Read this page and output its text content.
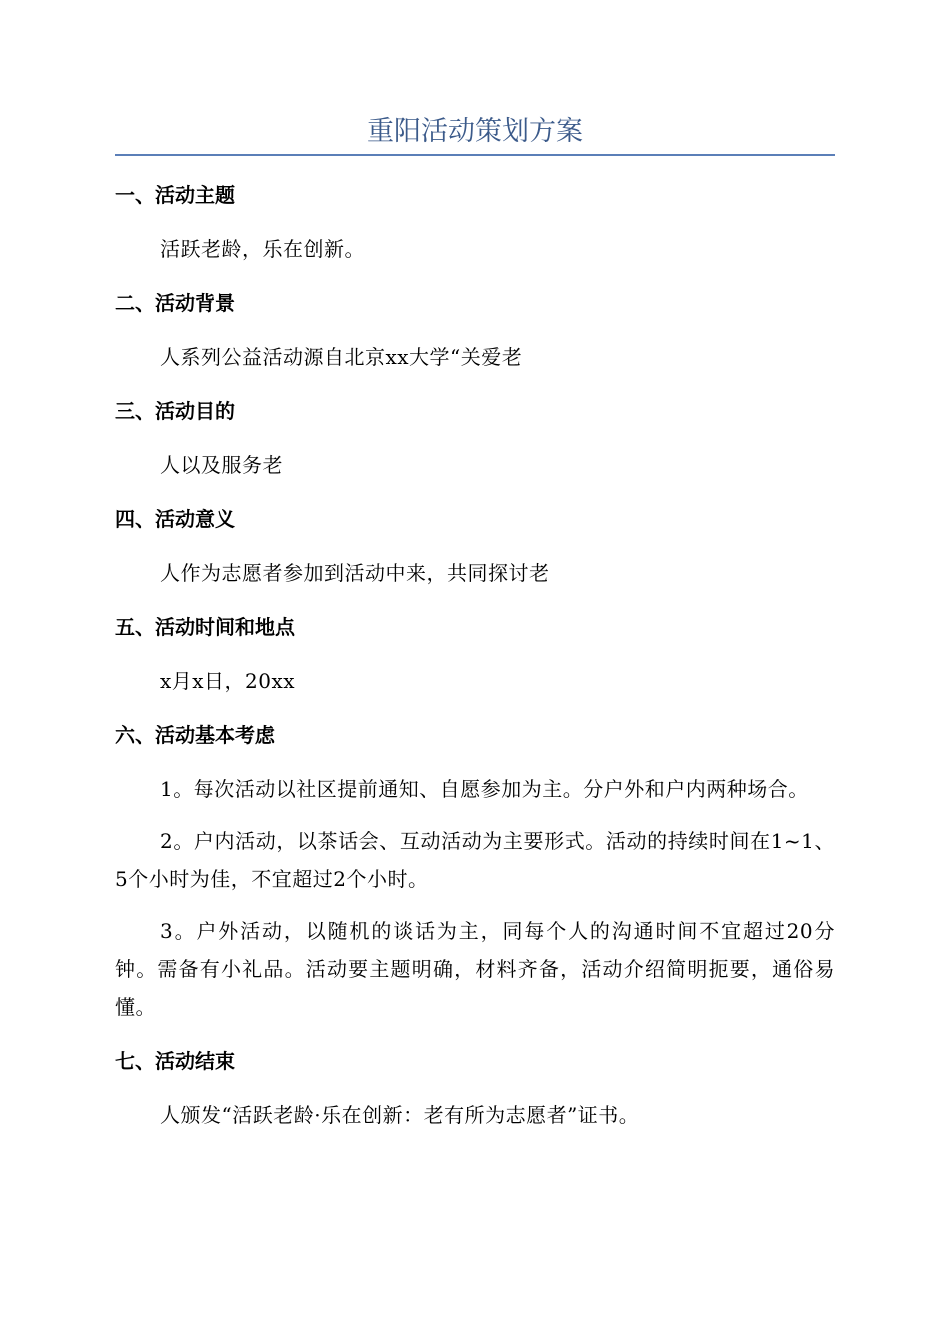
重阳活动策划方案
一、活动主题
活跃老龄，乐在创新。
二、活动背景
人系列公益活动源自北京xx大学“关爱老
三、活动目的
人以及服务老
四、活动意义
人作为志愿者参加到活动中来，共同探讨老
五、活动时间和地点
x月x日，20xx
六、活动基本考虑
1。每次活动以社区提前通知、自愿参加为主。分户外和户内两种场合。
2。户内活动，以茶话会、互动活动为主要形式。活动的持续时间在1~1、5个小时为佳，不宜超过2个小时。
3。户外活动，以随机的谈话为主，同每个人的沟通时间不宜超过20分钟。需备有小礼品。活动要主题明确，材料齐备，活动介绍简明扼要，通俗易懂。
七、活动结束
人颁发“活跃老龄·乐在创新：老有所为志愿者”证书。
